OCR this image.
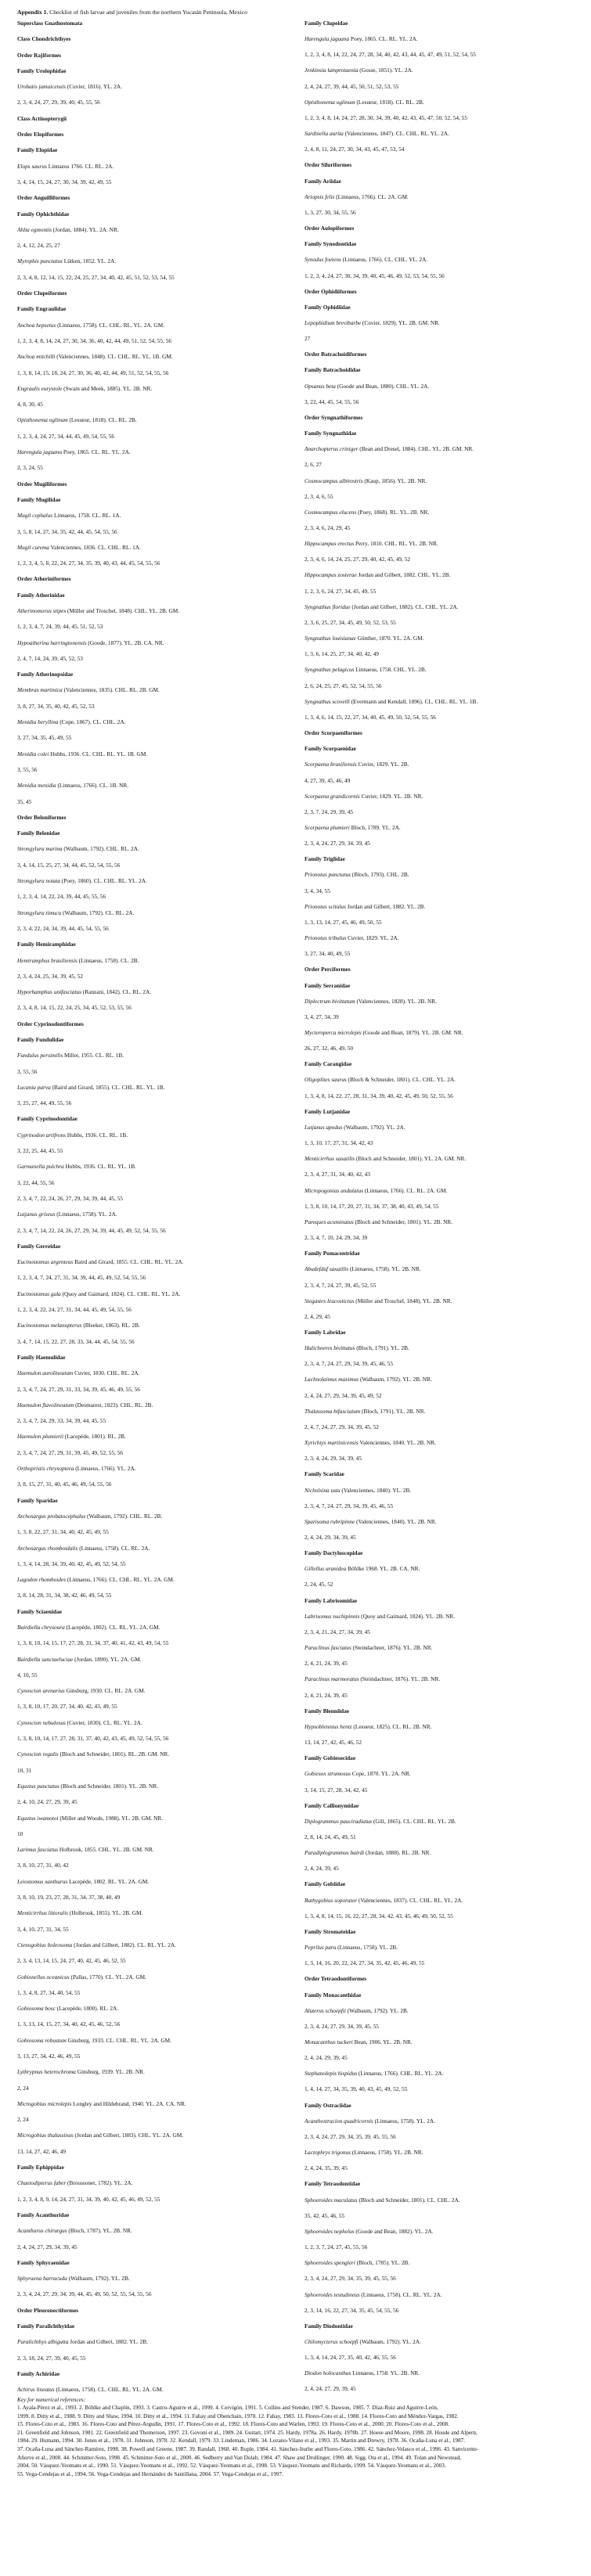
Appendix 1. Checklist of fish larvae and juveniles from the northern Yucatán Peninsula, Mexico
Superclass Gnathostomata
Class Chondrichthyes
Order Rajiformes
Family Urolophidae
Urobatis jamaicensis (Cuvier, 1816). YL. 2A.
2, 3, 4, 24, 27, 29, 39, 40, 45, 55, 56
Class Actinopterygii
Order Elopiformes
Family Elopidae
Elops saurus Linnaeus 1766. CL. RL. 2A.
3, 4, 14, 15, 24, 27, 30, 34, 39, 42, 49, 55
Order Anguilliformes
Family Ophichthidae
Ahlia egmontis (Jordan, 1884). YL. 2A. NR.
2, 4, 12, 24, 25, 27
Myrophis punctatus Lütken, 1852. YL. 2A.
2, 3, 4, 8, 12, 14, 15, 22, 24, 25, 27, 34, 40, 42, 45, 51, 52, 53, 54, 55
Order Clupeiformes
Family Engraulidae
Anchoa hepsetus (Linnaeus, 1758). CL. CHL. RL. YL. 2A. GM.
1, 2, 3, 4, 8, 14, 24, 27, 30, 34, 36, 40, 42, 44, 49, 51, 52, 54, 55, 56
Anchoa mitchilli (Valenciennes, 1848). CL. CHL. RL. YL. 1B. GM.
1, 3, 8, 14, 15, 18, 24, 27, 30, 36, 40, 42, 44, 49, 51, 52, 54, 55, 56
Engraulis eurystole (Swain and Meek, 1885). YL. 2B. NR.
4, 8, 30, 45
Opisthonema oglinum (Lesueur, 1818). CL. RL. 2B.
1, 2, 3, 4, 24, 27, 34, 44, 45, 49, 54, 55, 56
Harengula jaguana Poey, 1865. CL. RL. YL. 2A.
2, 3, 24, 55
Order Mugiliformes
Family Mugilidae
Mugil cephalus Linnaeus, 1758. CL. RL. 1A.
3, 5, 8, 14, 27, 34, 35, 42, 44, 45, 54, 55, 56
Mugil curema Valenciennes, 1836. CL. CHL. RL. 1A.
1, 2, 3, 4, 5, 8, 22, 24, 27, 34, 35, 39, 40, 43, 44, 45, 54, 55, 56
Order Atheriniformes
Family Atherinidae
Atherinomorus stipes (Müller and Troschel, 1848). CHL. YL. 2B. GM.
1, 2, 3, 4, 7, 24, 39, 44, 45, 51, 52, 53
Hypoatherina harringtonensis (Goode, 1877). YL. 2B. CA. NR.
2, 4, 7, 14, 24, 39, 45, 52, 53
Family Atherinopsidae
Membras martinica (Valenciennes, 1835). CHL. RL. 2B. GM.
3, 8, 27, 34, 35, 40, 42, 45, 52, 53
Menidia beryllina (Cope, 1867). CL. CHL. 2A.
3, 27, 34, 35, 45, 49, 55
Menidia colei Hubbs, 1936. CL. CHL. RL. YL. 1B. GM.
3, 55, 56
Menidia menidia (Linnaeus, 1766). CL. 1B. NR.
35, 45
Order Beloniformes
Family Belonidae
Strongylura marina (Walbaum, 1792). CHL. RL. 2A.
3, 4, 14, 15, 25, 27, 34, 44, 45, 52, 54, 55, 56
Strongylura notata (Poey, 1860). CL. CHL. RL. YL. 2A.
1, 2, 3, 4, 14, 22, 24, 39, 44, 45, 55, 56
Strongylura timucu (Walbaum, 1792). CL. RL. 2A.
2, 3, 4, 22, 24, 34, 39, 44, 45, 54, 55, 56
Family Hemiramphidae
Hemiramphus brasiliensis (Linnaeus, 1758). CL. 2B.
2, 3, 4, 24, 25, 34, 39, 45, 52
Hyporhamphus unifasciatus (Ranzani, 1842). CL. RL. 2A.
2, 3, 4, 8, 14, 15, 22, 24, 25, 34, 45, 52, 53, 55, 56
Order Cyprinodontiformes
Family Fundulidae
Fundulus persimilis Miller, 1955. CL. RL. 1B.
3, 55, 56
Lucania parva (Baird and Girard, 1855). CL. CHL. RL. YL. 1B.
3, 25, 27, 44, 49, 55, 56
Family Cyprinodontidae
Cyprinodon artifrons Hubbs, 1936. CL. RL. 1B.
3, 22, 25, 44, 45, 55
Garmanella pulchra Hubbs, 1936. CL. RL. YL. 1B.
3, 22, 44, 55, 56
2, 3, 4, 7, 22, 24, 26, 27, 29, 34, 39, 44, 45, 55
Lutjanus griseus (Linnaeus, 1758). YL. 2A.
2, 3, 4, 7, 14, 22, 24, 26, 27, 29, 34, 39, 44, 45, 49, 52, 54, 55, 56
Family Gerreidae
Eucinostomus argenteus Baird and Girard, 1855. CL. CHL. RL. YL. 2A.
1, 2, 3, 4, 7, 24, 27, 31, 34, 39, 44, 45, 49, 52, 54, 55, 56
Eucinostomus gula (Quoy and Gaimard, 1824). CL. CHL. RL. YL. 2A.
1, 2, 3, 4, 22, 24, 27, 31, 34, 44, 45, 49, 54, 55, 56
Eucinostomus melanopterus (Bleeker, 1863). RL. 2B.
3, 4, 7, 14, 15, 22, 27, 28, 33, 34, 44, 45, 54, 55, 56
Family Haemulidae
Haemulon aurolineatum Cuvier, 1830. CHL. RL. 2A.
2, 3, 4, 7, 24, 27, 29, 31, 33, 34, 39, 45, 46, 49, 55, 56
Haemulon flavolineatum (Desmarest, 1823). CHL. RL. 2B.
2, 3, 4, 7, 24, 29, 33, 34, 39, 44, 45, 55
Haemulon plumierii (Lacepède, 1801). RL. 2B.
2, 3, 4, 7, 24, 27, 29, 31, 39, 45, 49, 52, 55, 56
Orthopristis chrysoptera (Linnaeus, 1766). YL. 2A.
3, 8, 15, 27, 31, 40, 45, 46, 49, 54, 55, 56
Family Sparidae
Archosargus probatocephalus (Walbaum, 1792). CHL. RL. 2B.
1, 3, 8, 22, 27, 31, 34, 40, 42, 45, 49, 55
Archosargus rhomboidalis (Linnaeus, 1758). CL. RL. 2A.
1, 3, 4, 14, 28, 34, 39, 40, 42, 45, 49, 52, 54, 55
Lagodon rhomboides (Linnaeus, 1766). CL. CHL. RL. YL. 2A. GM.
3, 8, 14, 28, 31, 34, 38, 42, 46, 49, 54, 55
Family Sciaenidae
Bairdiella chrysoura (Lacepède, 1802). CL. RL. YL. 2A. GM.
1, 3, 8, 10, 14, 15, 17, 27, 28, 31, 34, 37, 40, 41, 42, 43, 49, 54, 55
Bairdiella sanctaeluciae (Jordan, 1890). YL. 2A. GM.
4, 10, 55
Cynoscion arenarius Ginsburg, 1930. CL. RL. 2A. GM.
1, 3, 8, 10, 17, 20, 27, 34, 40, 42, 43, 49, 55
Cynoscion nebulosus (Cuvier, 1830). CL. RL. YL. 2A.
1, 3, 8, 10, 14, 17, 27, 28, 31, 37, 40, 42, 43, 45, 49, 52, 54, 55, 56
Cynoscion regalis (Bloch and Schneider, 1801). RL. 2B. GM. NR.
10, 31
Equetus punctatus (Bloch and Schneider, 1801). YL. 2B. NR.
2, 4, 10, 24, 27, 29, 39, 45
Equetus iwamotoi (Miller and Woods, 1988). YL. 2B. GM. NR.
10
Larimus fasciatus Holbrook, 1855. CHL. YL. 2B. GM. NR.
3, 8, 10, 27, 31, 40, 42
Leiostomus xanthurus Lacepède, 1802. RL. YL. 2A. GM.
3, 8, 10, 19, 23, 27, 28, 31, 34, 37, 38, 40, 49
Menticirrhus littoralis (Holbrook, 1855). YL. 2B. GM.
3, 4, 10, 27, 31, 34, 55
Ctenogobius boleosoma (Jordan and Gilbert, 1882). CL. RL. YL. 2A.
2, 3, 4, 13, 14, 15, 24, 27, 40, 42, 45, 46, 52, 55
Gobionellus oceanicus (Pallas, 1770). CL. YL. 2A. GM.
1, 3, 4, 8, 27, 34, 40, 54, 55
Gobiosoma bosc (Lacepède, 1800). RL. 2A.
1, 3, 13, 14, 15, 27, 34, 40, 42, 45, 46, 52, 56
Gobiosoma robustum Ginsburg, 1933. CL. CHL. RL. YL. 2A. GM.
3, 13, 27, 34, 42, 46, 49, 55
Lythrypnus heterochroma Ginsburg, 1939. YL. 2B. NR.
2, 24
Microgobius microlepis Longley and Hildebrand, 1940. YL. 2A. CA. NR.
2, 24
Microgobius thalassinus (Jordan and Gilbert, 1883). CHL. YL. 2A. GM.
13, 14, 27, 42, 46, 49
Family Ephippidae
Chaetodipterus faber (Broussonet, 1782). YL. 2A.
1, 2, 3, 4, 8, 9, 14, 24, 27, 31, 34, 39, 40, 42, 45, 46, 49, 52, 55
Family Acanthuridae
Acanthurus chirurgus (Bloch, 1787). YL. 2B. NR.
2, 4, 24, 27, 29, 34, 39, 45
Family Sphyraenidae
Sphyraena barracuda (Walbaum, 1792). YL. 2B.
2, 3, 4, 24, 27, 29, 34, 39, 44, 45, 49, 50, 52, 55, 54, 55, 56
Order Pleuronectiformes
Family Paralichthyidae
Paralichthys albigutta Jordan and Gilbert, 1882. YL. 2B.
2, 3, 18, 24, 27, 39, 40, 45, 55
Family Achiridae
Achirus lineatus (Linnaeus, 1758). CL. CHL. RL. YL. 2A. GM.
Family Clupeidae
Harengula jaguana Poey, 1865. CL. RL. YL. 2A.
1, 2, 3, 4, 8, 14, 22, 24, 27, 28, 34, 40, 42, 43, 44, 45, 47, 49, 51, 52, 54, 55
Jenkinsia lamprotaenia (Gosse, 1851). YL. 2A.
2, 4, 24, 27, 39, 44, 45, 50, 51, 52, 53, 55
Opisthonema oglinum (Lesueur, 1818). CL. RL. 2B.
1, 2, 3, 4, 8, 14, 24, 27, 28, 30, 34, 39, 40, 42, 43, 45, 47, 50, 52, 54, 55
Sardinella aurita (Valenciennes, 1847). CL. CHL. RL. YL. 2A.
2, 4, 8, 11, 24, 27, 30, 34, 43, 45, 47, 53, 54
Order Siluriformes
Family Ariidae
Ariopsis felis (Linnaeus, 1766). CL. 2A. GM.
1, 3, 27, 30, 34, 55, 56
Order Aulopiformes
Family Synodontidae
Synodus foetens (Linnaeus, 1766). CL. CHL. YL. 2A.
1, 2, 3, 4, 24, 27, 30, 34, 39, 40, 45, 46, 49, 52, 53, 54, 55, 56
Order Ophidiiformes
Family Ophidiidae
Lepophidium brevibarbe (Cuvier, 1829). YL. 2B. GM. NR.
27
Order Batrachoidiformes
Family Batrachoididae
Opsanus beta (Goode and Bean, 1880). CHL. YL. 2A.
3, 22, 44, 45, 54, 55, 56
Order Syngnathiformes
Family Syngnathidae
Anarchopterus criniger (Bean and Dresel, 1884). CHL. YL. 2B. GM. NR.
2, 6, 27
Cosmocampus albirostris (Kaup, 1856). YL. 2B. NR.
2, 3, 4, 6, 55
Cosmocampus elucens (Poey, 1868). RL. YL. 2B. NR.
2, 3, 4, 6, 24, 29, 45
Hippocampus erectus Perry, 1810. CHL. RL. YL. 2B. NR.
2, 3, 4, 6, 14, 24, 25, 27, 29, 40, 42, 45, 49, 52
Hippocampus zosterae Jordan and Gilbert, 1882. CHL. YL. 2B.
1, 2, 3, 6, 24, 27, 34, 45, 49, 55
Syngnathus floridae (Jordan and Gilbert, 1882). CL. CHL. YL. 2A.
2, 3, 6, 25, 27, 34, 45, 49, 50, 52, 53, 55
Syngnathus louisianae Günther, 1870. YL. 2A. GM.
1, 3, 6, 14, 25, 27, 34, 40, 42, 49
Syngnathus pelagicus Linnaeus, 1758. CHL. YL. 2B.
2, 6, 24, 25, 27, 45, 52, 54, 55, 56
Syngnathus scovelli (Evermann and Kendall, 1896). CL. CHL. RL. YL. 1B.
1, 3, 4, 6, 14, 15, 22, 27, 34, 40, 45, 49, 50, 52, 54, 55, 56
Order Scorpaeniformes
Family Scorpaenidae
Scorpaena brasiliensis Cuvier, 1829. YL. 2B.
4, 27, 39, 45, 46, 49
Scorpaena grandicornis Cuvier, 1829. YL. 2B. NR.
2, 3, 7, 24, 29, 39, 45
Scorpaena plumieri Bloch, 1789. YL. 2A.
2, 3, 4, 24, 27, 29, 34, 39, 45
Family Triglidae
Prionotus punctatus (Bloch, 1793). CHL. 2B.
3, 4, 34, 55
Prionotus scitulus Jordan and Gilbert, 1882. YL. 2B.
1, 3, 13, 14, 27, 45, 46, 49, 50, 55
Prionotus tribulus Cuvier, 1829. YL. 2A.
3, 27, 34, 40, 49, 55
Order Perciformes
Family Serranidae
Diplectrum bivittatum (Valenciennes, 1828). YL. 2B. NR.
3, 4, 27, 34, 39
Mycteroperca microlepis (Goode and Bean, 1879). YL. 2B. GM. NR.
26, 27, 32, 46, 49, 50
Family Carangidae
Oligoplites saurus (Bloch & Schneider, 1801). CL. CHL. YL. 2A.
1, 3, 4, 8, 14, 22, 27, 28, 31, 34, 39, 40, 42, 45, 49, 50, 52, 55, 56
Family Lutjanidae
Lutjanus apodus (Walbaum, 1792). YL. 2A.
1, 3, 10, 17, 27, 31, 34, 42, 43
Menticirrhus saxatilis (Bloch and Schneider, 1801). YL. 2A. GM. NR.
2, 3, 4, 27, 31, 34, 40, 42, 43
Micropogonias undulatus (Linnaeus, 1766). CL. RL. 2A. GM.
1, 3, 8, 10, 14, 17, 20, 27, 31, 34, 37, 38, 40, 43, 49, 54, 55
Pareques acuminatus (Bloch and Schneider, 1801). YL. 2B. NR.
2, 3, 4, 7, 10, 24, 29, 34, 39
Family Pomacentridae
Abudefduf saxatilis (Linnaeus, 1758). YL. 2B. NR.
2, 3, 4, 7, 24, 27, 39, 45, 52, 55
Stegastes leucostictus (Müller and Troschel, 1848). YL. 2B. NR.
2, 4, 29, 45
Family Labridae
Halichoeres bivittatus (Bloch, 1791). YL. 2B.
2, 3, 4, 7, 24, 27, 29, 34, 39, 45, 46, 55
Lachnolaimus maximus (Walbaum, 1792). YL. 2B. NR.
2, 4, 24, 27, 29, 34, 39, 45, 49, 52
Thalassoma bifasciatum (Bloch, 1791). YL. 2B. NR.
2, 4, 7, 24, 27, 29, 34, 39, 45, 52
Xyrichtys martinicensis Valenciennes, 1840. YL. 2B. NR.
2, 3, 4, 24, 29, 34, 39, 45
Family Scaridae
Nicholsina usta (Valenciennes, 1840). YL. 2B.
2, 3, 4, 7, 24, 27, 29, 34, 39, 45, 46, 55
Sparisoma rubripinne (Valenciennes, 1840). YL. 2B. NR.
2, 4, 24, 29, 34, 39, 45
Family Dactyloscopidae
Gillellus uranidea Böhlke 1968. YL. 2B. CA. NR.
2, 24, 45, 52
Family Labrisomidae
Labrisomus nuchipinnis (Quoy and Gaimard, 1824). YL. 2B. NR.
2, 3, 4, 21, 24, 27, 34, 39, 45
Paraclinus fasciatus (Steindachner, 1876). YL. 2B. NR.
2, 4, 21, 24, 39, 45
Paraclinus marmoratus (Steindachner, 1876). YL. 2B. NR.
2, 4, 21, 24, 39, 45
Family Blenniidae
Hypsoblennius hentz (Lesueur, 1825). CL. RL. 2B. NR.
13, 14, 27, 42, 45, 46, 52
Family Gobiesocidae
Gobiesox strumosus Cope, 1870. YL. 2A. NR.
3, 14, 15, 27, 28, 34, 42, 45
Family Callionymidae
Diplogrammus pauciradiatus (Gill, 1865). CL. CHL. RL. YL. 2B.
2, 8, 14, 24, 45, 49, 51
Paradiplogrammus bairdi (Jordan, 1888). RL. 2B. NR.
2, 4, 24, 39, 45
Family Gobiidae
Bathygobius soporator (Valenciennes, 1837). CL. CHL. RL. YL. 2A.
1, 3, 4, 8, 14, 15, 16, 22, 27, 28, 34, 42, 43, 45, 46, 49, 50, 52, 55
Family Stromateidae
Peprilus paru (Linnaeus, 1758). YL. 2B.
1, 3, 14, 16, 20, 22, 24, 27, 34, 35, 42, 45, 46, 49, 55
Order Tetraodontiformes
Family Monacanthidae
Aluterus schoepfii (Walbaum, 1792). YL. 2B.
2, 3, 4, 24, 27, 29, 34, 39, 45, 55
Monacanthus tuckeri Bean, 1906. YL. 2B. NR.
2, 4, 24, 29, 39, 45
Stephanolepis hispidus (Linnaeus, 1766). CHL. RL. YL. 2A.
1, 4, 14, 27, 34, 35, 39, 40, 43, 45, 49, 52, 55
Family Ostraciidae
Acanthostracion quadricornis (Linnaeus, 1758). YL. 2A.
2, 3, 4, 24, 27, 29, 34, 35, 39, 45, 55, 56
Lactophrys trigonus (Linnaeus, 1758). YL. 2B. NR.
2, 4, 24, 35, 39, 45
Family Tetraodontidae
Sphoeroides maculatus (Bloch and Schneider, 1801). CL. CHL. 2A.
35, 42, 45, 46, 55
Sphoeroides nephelus (Goode and Bean, 1882). YL. 2A.
1, 2, 3, 7, 24, 27, 45, 55, 56
Sphoeroides spengleri (Bloch, 1785). YL. 2B.
2, 3, 4, 24, 27, 29, 34, 35, 39, 45, 55, 56
Sphoeroides testudineus (Linnaeus, 1758). CL. RL. YL. 2A.
2, 3, 14, 16, 22, 27, 34, 35, 45, 54, 55, 56
Family Diodontidae
Chilomycterus schoepfi (Walbaum, 1792). YL. 2A.
1, 3, 4, 14, 24, 27, 35, 40, 42, 46, 55, 56
Diodon holocanthus Linnaeus, 1758. YL. 2B. NR.
2, 4, 24, 27, 29, 39, 45
Key for numerical references:
1. Ayala-Pérez et al., 1993. 2. Böhlke and Chaplin, 1993. 3. Castro-Aguirre et al., 1999. 4. Cervigón, 1991. 5. Collins and Stender, 1987. 6. Dawson, 1985. 7. Díaz-Ruiz and Aguirre-León,
1999. 8. Ditty et al., 1988. 9. Ditty and Shaw, 1994. 10. Ditty et al., 1994. 11. Fahay and Obenchain, 1978. 12. Fahay, 1983. 13. Flores-Coto et al., 1988. 14. Flores-Coto and Méndez-Vargas, 1982.
15. Flores-Coto et al., 1983. 16. Flores-Coto and Pérez-Argudín, 1991. 17. Flores-Coto et al., 1992. 18. Flores-Coto and Warlen, 1993. 19. Flores-Coto et al., 2000. 20. Flores-Coto et al., 2008.
21. Greenfield and Johnson, 1981. 22. Greenfield and Thomerson, 1997. 23. Govoni et al., 1989. 24. Guitart, 1974. 25. Hardy, 1978a. 26. Hardy, 1978b. 27. Hoese and Moore, 1998. 28. Houde and Alpern,
1984. 29. Humann, 1994. 30. Jones et al., 1978. 31. Johnson, 1978. 32. Kendall, 1979. 33. Lindeman, 1986. 34. Lozano-Vilano et al., 1993. 35. Martin and Drewry, 1978. 36. Ocaña-Luna et al., 1987.
37. Ocaña-Luna and Sánchez-Ramírez, 1998. 38. Powell and Greene, 1987. 39. Randall, 1968. 40. Ruple, 1984. 41. Sánchez-Iturbe and Flores-Coto, 1986. 42. Sánchez-Velasco et al., 1996. 43. Sanvicente-
Añorve et al., 2000. 44. Schmitter-Soto, 1998. 45. Schmitter-Soto et al., 2000. 46. Sedberry and Van Dolah, 1984. 47. Shaw and Drullinger, 1990. 48. Sigg. Ota et al., 1994. 49. Tolan and Newstead,
2004. 50. Vásquez-Yeomans et al., 1990. 51. Vásquez-Yeomans et al., 1992. 52. Vásquez-Yeomans et al., 1998. 53. Vásquez-Yeomans and Richards, 1999. 54. Vásquez-Yeomans et al., 2003.
55. Vega-Cendejas et al., 1994. 56. Vega-Cendejas and Hernández de Santillana, 2004. 57. Vega-Cendejas et al., 1997.
